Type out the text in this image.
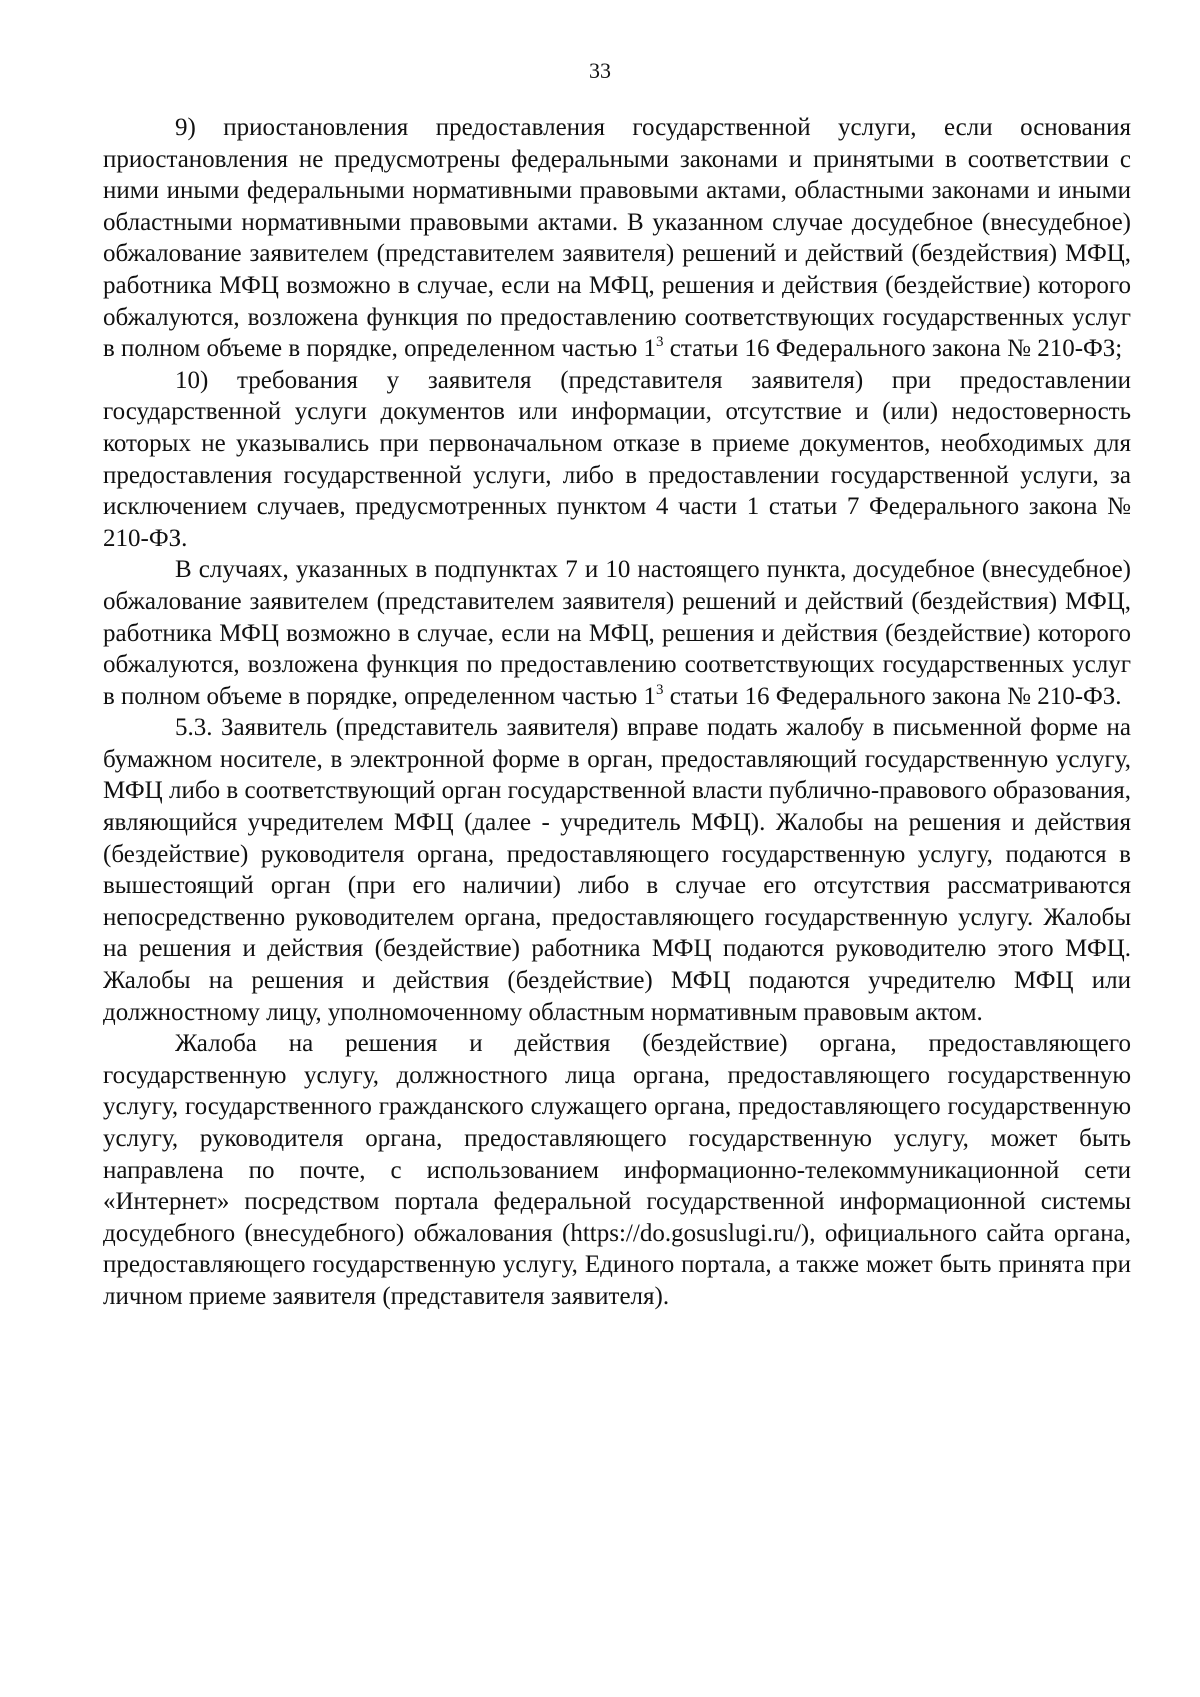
33

9) приостановления предоставления государственной услуги, если основания приостановления не предусмотрены федеральными законами и принятыми в соответствии с ними иными федеральными нормативными правовыми актами, областными законами и иными областными нормативными правовыми актами. В указанном случае досудебное (внесудебное) обжалование заявителем (представителем заявителя) решений и действий (бездействия) МФЦ, работника МФЦ возможно в случае, если на МФЦ, решения и действия (бездействие) которого обжалуются, возложена функция по предоставлению соответствующих государственных услуг в полном объеме в порядке, определенном частью $1^3$ статьи 16 Федерального закона № 210-ФЗ;

10) требования у заявителя (представителя заявителя) при предоставлении государственной услуги документов или информации, отсутствие и (или) недостоверность которых не указывались при первоначальном отказе в приеме документов, необходимых для предоставления государственной услуги, либо в предоставлении государственной услуги, за исключением случаев, предусмотренных пунктом 4 части 1 статьи 7 Федерального закона № 210-ФЗ.

В случаях, указанных в подпунктах 7 и 10 настоящего пункта, досудебное (внесудебное) обжалование заявителем (представителем заявителя) решений и действий (бездействия) МФЦ, работника МФЦ возможно в случае, если на МФЦ, решения и действия (бездействие) которого обжалуются, возложена функция по предоставлению соответствующих государственных услуг в полном объеме в порядке, определенном частью $1^3$ статьи 16 Федерального закона № 210-ФЗ.

5.3. Заявитель (представитель заявителя) вправе подать жалобу в письменной форме на бумажном носителе, в электронной форме в орган, предоставляющий государственную услугу, МФЦ либо в соответствующий орган государственной власти публично-правового образования, являющийся учредителем МФЦ (далее - учредитель МФЦ). Жалобы на решения и действия (бездействие) руководителя органа, предоставляющего государственную услугу, подаются в вышестоящий орган (при его наличии) либо в случае его отсутствия рассматриваются непосредственно руководителем органа, предоставляющего государственную услугу. Жалобы на решения и действия (бездействие) работника МФЦ подаются руководителю этого МФЦ. Жалобы на решения и действия (бездействие) МФЦ подаются учредителю МФЦ или должностному лицу, уполномоченному областным нормативным правовым актом.

Жалоба на решения и действия (бездействие) органа, предоставляющего государственную услугу, должностного лица органа, предоставляющего государственную услугу, государственного гражданского служащего органа, предоставляющего государственную услугу, руководителя органа, предоставляющего государственную услугу, может быть направлена по почте, с использованием информационно-телекоммуникационной сети «Интернет» посредством портала федеральной государственной информационной системы досудебного (внесудебного) обжалования (https://do.gosuslugi.ru/), официального сайта органа, предоставляющего государственную услугу, Единого портала, а также может быть принята при личном приеме заявителя (представителя заявителя).
